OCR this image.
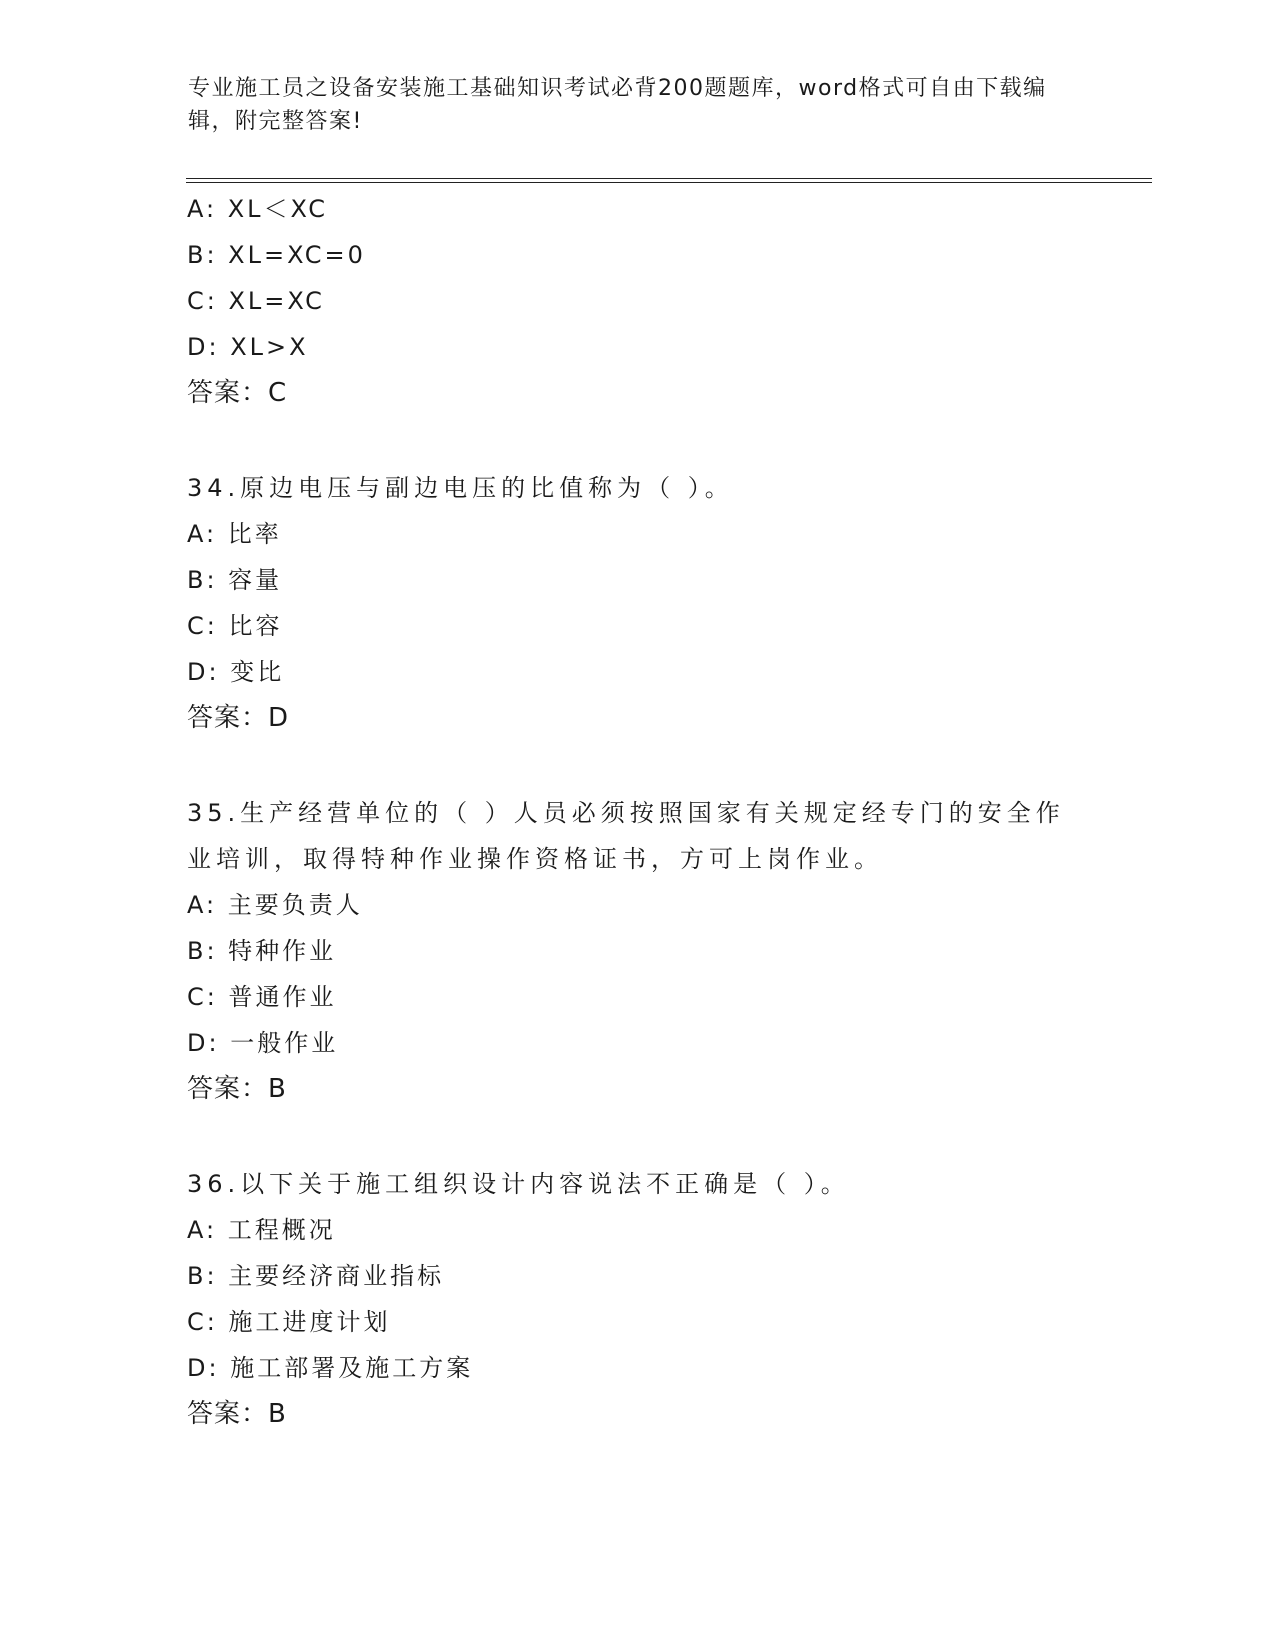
专业施工员之设备安装施工基础知识考试必背200题题库，word格式可自由下载编辑，附完整答案!

A: XL＜XC

B: XL=XC=0

C: XL=XC

D: XL>X

答案：C

34.原边电压与副边电压的比值称为（ ）。

A: 比率

B: 容量

C: 比容

D: 变比

答案：D

35.生产经营单位的（ ）人员必须按照国家有关规定经专门的安全作业培训，取得特种作业操作资格证书，方可上岗作业。

A: 主要负责人

B: 特种作业

C: 普通作业

D: 一般作业

答案：B

36.以下关于施工组织设计内容说法不正确是（ ）。

A: 工程概况

B: 主要经济商业指标

C: 施工进度计划

D: 施工部署及施工方案

答案：B
